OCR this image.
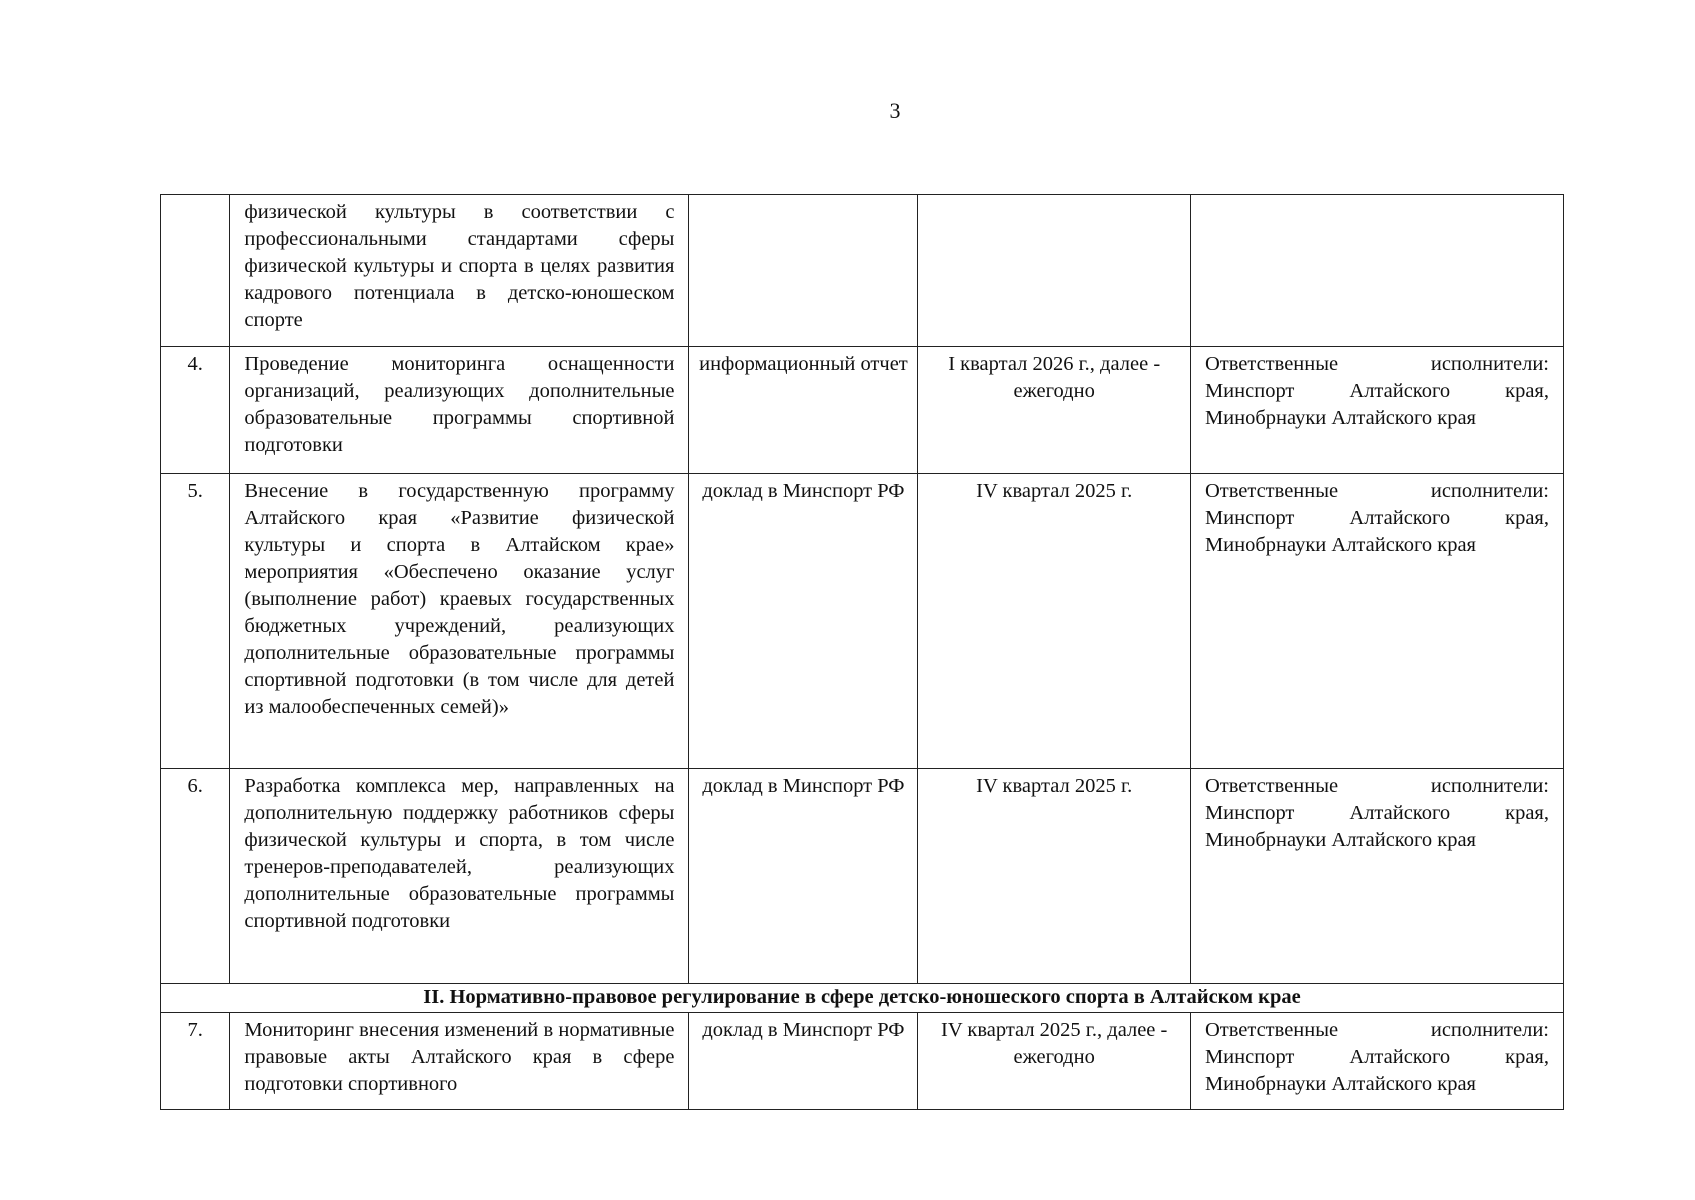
3
	физической культуры в соответствии с профессиональными стандартами сферы физической культуры и спорта в целях развития кадрового потенциала в детско-юношеском спорте			
4.	Проведение мониторинга оснащенности организаций, реализующих дополнительные образовательные программы спортивной подготовки	информационный отчет	I квартал 2026 г., далее - ежегодно	Ответственные исполнители: Минспорт Алтайского края, Минобрнауки Алтайского края
5.	Внесение в государственную программу Алтайского края «Развитие физической культуры и спорта в Алтайском крае» мероприятия «Обеспечено оказание услуг (выполнение работ) краевых государственных бюджетных учреждений, реализующих дополнительные образовательные программы спортивной подготовки (в том числе для детей из малообеспеченных семей)»	доклад в Минспорт РФ	IV квартал 2025 г.	Ответственные исполнители: Минспорт Алтайского края, Минобрнауки Алтайского края
6.	Разработка комплекса мер, направленных на дополнительную поддержку работников сферы физической культуры и спорта, в том числе тренеров-преподавателей, реализующих дополнительные образовательные программы спортивной подготовки	доклад в Минспорт РФ	IV квартал 2025 г.	Ответственные исполнители: Минспорт Алтайского края, Минобрнауки Алтайского края
II. Нормативно-правовое регулирование в сфере детско-юношеского спорта в Алтайском крае				
7.	Мониторинг внесения изменений в нормативные правовые акты Алтайского края в сфере подготовки спортивного	доклад в Минспорт РФ	IV квартал 2025 г., далее - ежегодно	Ответственные исполнители: Минспорт Алтайского края, Минобрнауки Алтайского края
